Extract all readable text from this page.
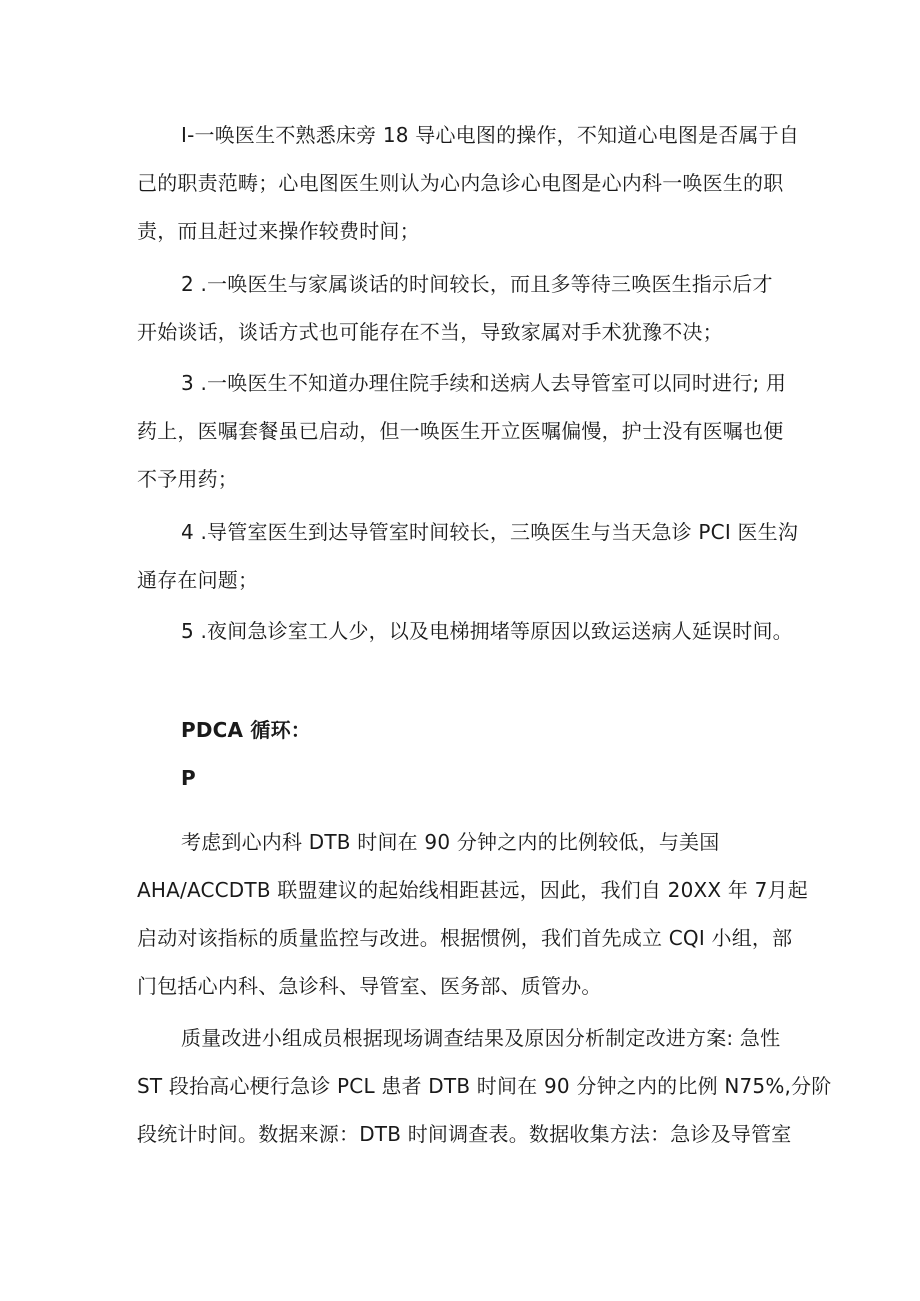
I-一唤医生不熟悉床旁 18 导心电图的操作，不知道心电图是否属于自
己的职责范畴；心电图医生则认为心内急诊心电图是心内科一唤医生的职
责，而且赶过来操作较费时间；
2 .一唤医生与家属谈话的时间较长，而且多等待三唤医生指示后才
开始谈话，谈话方式也可能存在不当，导致家属对手术犹豫不决；
3 .一唤医生不知道办理住院手续和送病人去导管室可以同时进行; 用
药上，医嘱套餐虽已启动，但一唤医生开立医嘱偏慢，护士没有医嘱也便
不予用药；
4 .导管室医生到达导管室时间较长，三唤医生与当天急诊 PCI 医生沟
通存在问题；
5 .夜间急诊室工人少，以及电梯拥堵等原因以致运送病人延误时间。
PDCA 循环：
P
考虑到心内科 DTB 时间在 90 分钟之内的比例较低，与美国
AHA/ACCDTB 联盟建议的起始线相距甚远，因此，我们自 20XX 年 7月起
启动对该指标的质量监控与改进。根据惯例，我们首先成立 CQI 小组，部
门包括心内科、急诊科、导管室、医务部、质管办。
质量改进小组成员根据现场调查结果及原因分析制定改进方案: 急性
ST 段抬高心梗行急诊 PCL 患者 DTB 时间在 90 分钟之内的比例 N75%,分阶
段统计时间。数据来源：DTB 时间调查表。数据收集方法：急诊及导管室
